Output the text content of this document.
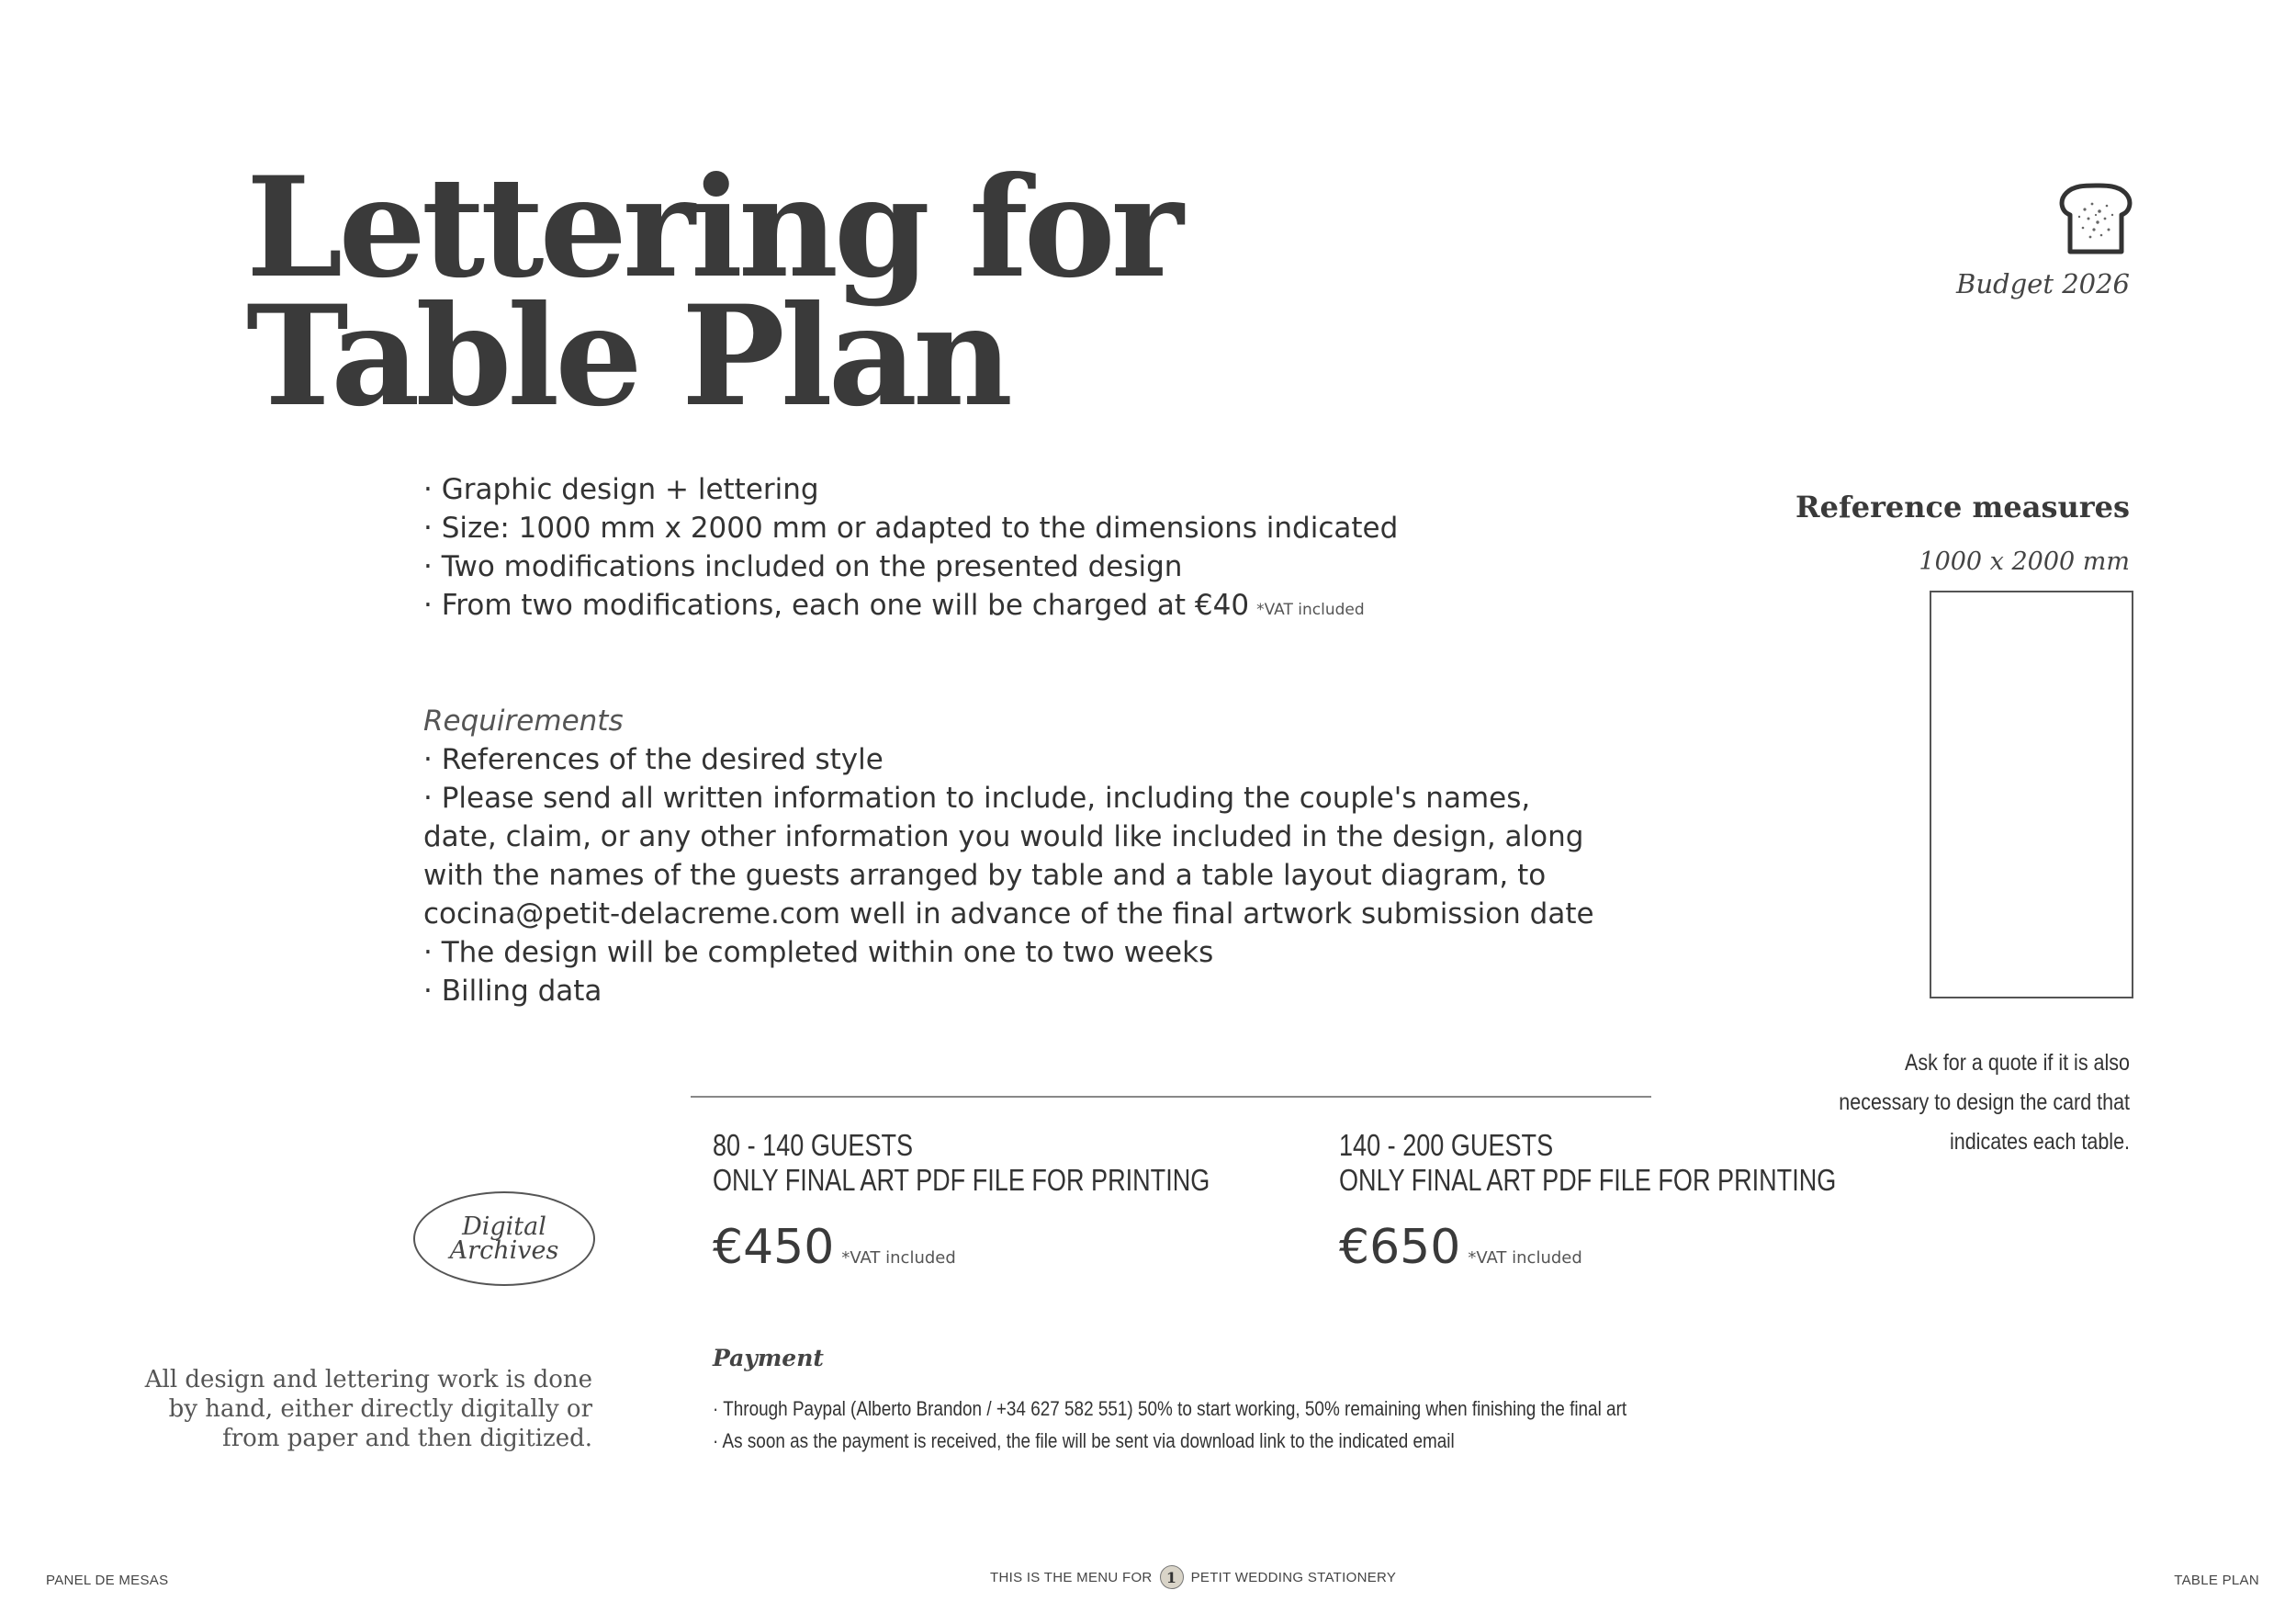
Lettering for
Table Plan	Budget 2026
· Graphic design + lettering
· Size: 1000 mm x 2000 mm or adapted to the dimensions indicated
· Two modifications included on the presented design
· From two modifications, each one will be charged at €40 *VAT included
Requirements
· References of the desired style
· Please send all written information to include, including the couple's names, date, claim, or any other information you would like included in the design, along with the names of the guests arranged by table and a table layout diagram, to cocina@petit-delacreme.com well in advance of the final artwork submission date
· The design will be completed within one to two weeks
· Billing data
Reference measures
1000 x 2000 mm
Ask for a quote if it is also necessary to design the card that indicates each table.
80 - 140 GUESTS
ONLY FINAL ART PDF FILE FOR PRINTING
€450 *VAT included
140 - 200 GUESTS
ONLY FINAL ART PDF FILE FOR PRINTING
€650 *VAT included
Digital
Archives
All design and lettering work is done by hand, either directly digitally or from paper and then digitized.
Payment
· Through Paypal (Alberto Brandon / +34 627 582 551) 50% to start working, 50% remaining when finishing the final art
· As soon as the payment is received, the file will be sent via download link to the indicated email
PANEL DE MESAS	THIS IS THE MENU FOR 1	PETIT WEDDING STATIONERY	TABLE PLAN
